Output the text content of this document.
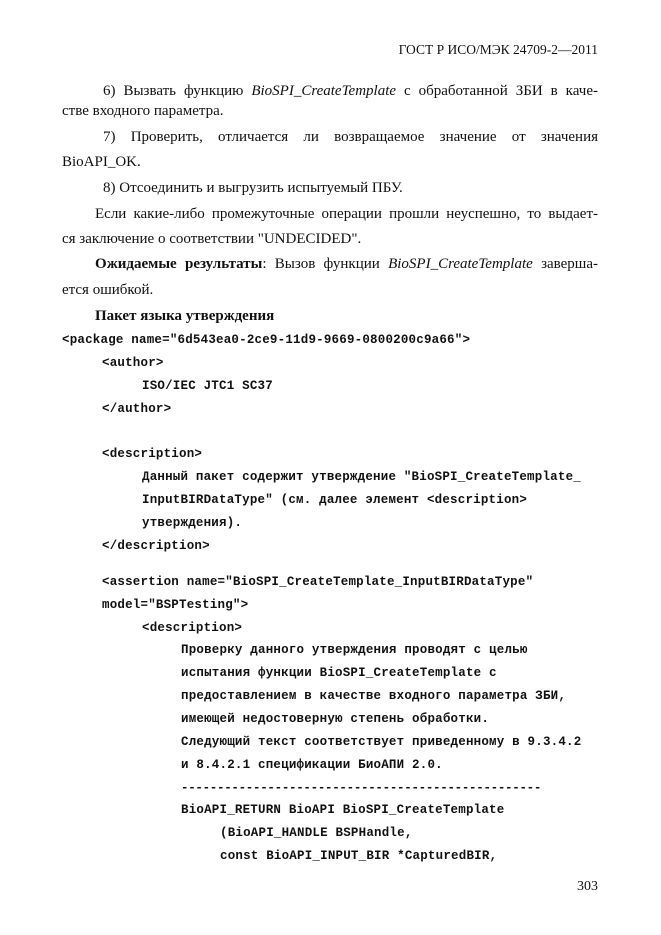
ГОСТ Р ИСО/МЭК 24709-2—2011
6) Вызвать функцию BioSPI_CreateTemplate с обработанной ЗБИ в каче-
стве входного параметра.
7) Проверить, отличается ли возвращаемое значение от значения
BioAPI_OK.
8) Отсоединить и выгрузить испытуемый ПБУ.
Если какие-либо промежуточные операции прошли неуспешно, то выдает-
ся заключение о соответствии "UNDECIDED".
Ожидаемые результаты: Вызов функции BioSPI_CreateTemplate заверша-
ется ошибкой.
Пакет языка утверждения
<package name="6d543ea0-2ce9-11d9-9669-0800200c9a66">
<author>
ISO/IEC JTC1 SC37
</author>
<description>
Данный пакет содержит утверждение "BioSPI_CreateTemplate_
InputBIRDataType" (см. далее элемент <description>
утверждения).
</description>
<assertion name="BioSPI_CreateTemplate_InputBIRDataType"
model="BSPTesting">
<description>
Проверку данного утверждения проводят с целью
испытания функции BioSPI_CreateTemplate с
предоставлением в качестве входного параметра ЗБИ,
имеющей недостоверную степень обработки.
Следующий текст соответствует приведенному в 9.3.4.2
и 8.4.2.1 спецификации БиоАПИ 2.0.
--------------------------------------------------
BioAPI_RETURN BioAPI BioSPI_CreateTemplate
(BioAPI_HANDLE BSPHandle,
const BioAPI_INPUT_BIR *CapturedBIR,
303
